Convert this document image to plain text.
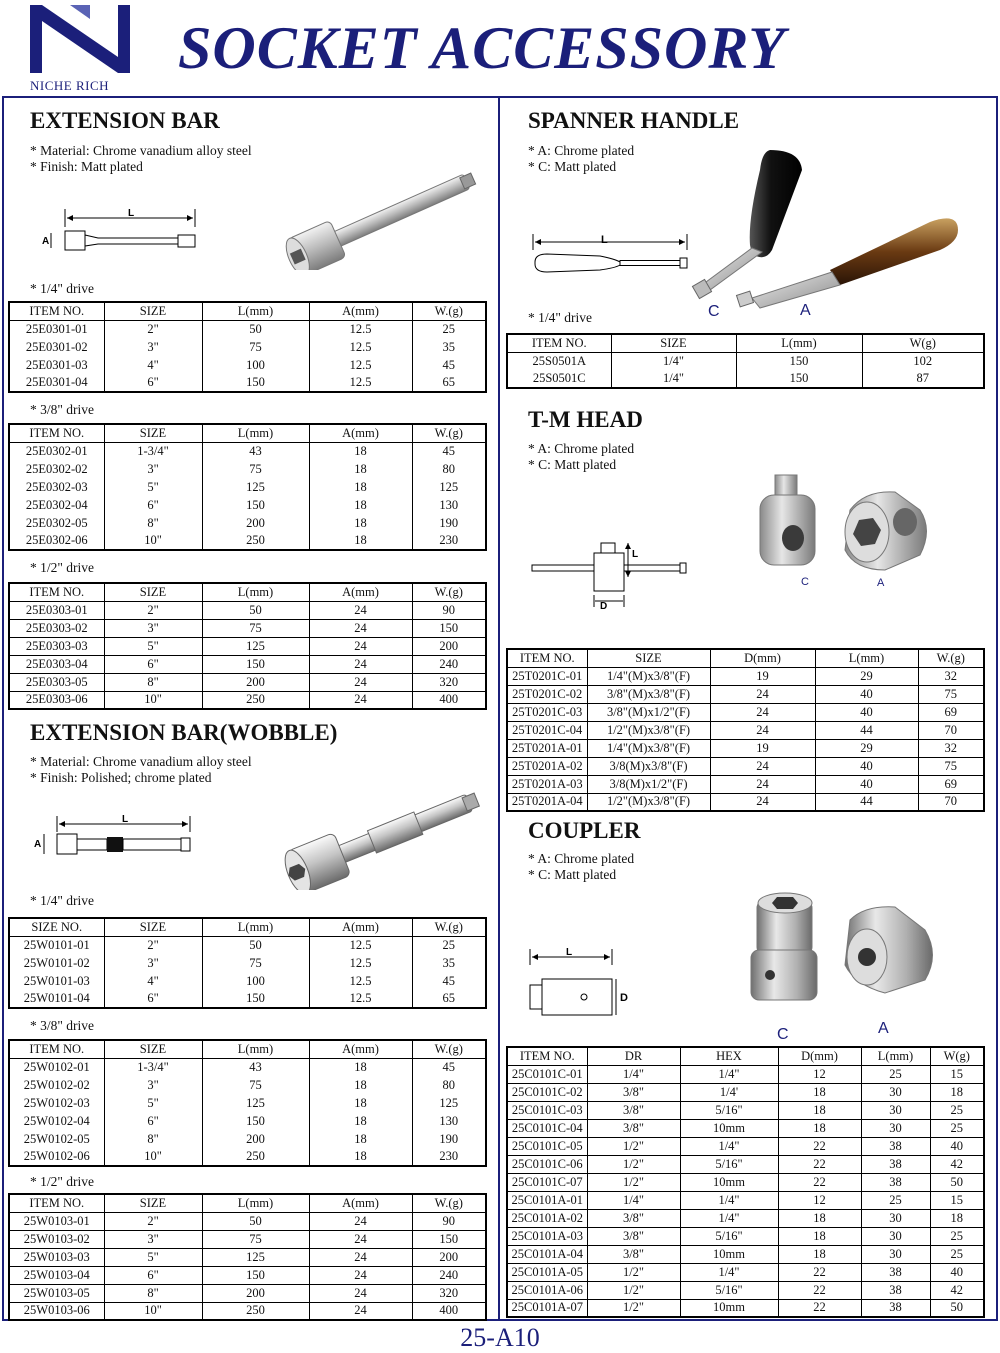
NICHE RICH
SOCKET ACCESSORY
EXTENSION BAR
* Material: Chrome vanadium alloy steel
* Finish: Matt plated
L
A
* 1/4" drive
ITEM NO.	SIZE	L(mm)	A(mm)	W.(g)
25E0301-01	2"	50	12.5	25
25E0301-02	3"	75	12.5	35
25E0301-03	4"	100	12.5	45
25E0301-04	6"	150	12.5	65
* 3/8" drive
ITEM NO.	SIZE	L(mm)	A(mm)	W.(g)
25E0302-01	1-3/4"	43	18	45
25E0302-02	3"	75	18	80
25E0302-03	5"	125	18	125
25E0302-04	6"	150	18	130
25E0302-05	8"	200	18	190
25E0302-06	10"	250	18	230
* 1/2" drive
ITEM NO.	SIZE	L(mm)	A(mm)	W.(g)
25E0303-01	2"	50	24	90
25E0303-02	3"	75	24	150
25E0303-03	5"	125	24	200
25E0303-04	6"	150	24	240
25E0303-05	8"	200	24	320
25E0303-06	10"	250	24	400
EXTENSION BAR(WOBBLE)
* Material: Chrome vanadium alloy steel
* Finish: Polished; chrome plated
L
A
* 1/4" drive
SIZE NO.	SIZE	L(mm)	A(mm)	W.(g)
25W0101-01	2"	50	12.5	25
25W0101-02	3"	75	12.5	35
25W0101-03	4"	100	12.5	45
25W0101-04	6"	150	12.5	65
* 3/8" drive
ITEM NO.	SIZE	L(mm)	A(mm)	W.(g)
25W0102-01	1-3/4"	43	18	45
25W0102-02	3"	75	18	80
25W0102-03	5"	125	18	125
25W0102-04	6"	150	18	130
25W0102-05	8"	200	18	190
25W0102-06	10"	250	18	230
* 1/2" drive
ITEM NO.	SIZE	L(mm)	A(mm)	W.(g)
25W0103-01	2"	50	24	90
25W0103-02	3"	75	24	150
25W0103-03	5"	125	24	200
25W0103-04	6"	150	24	240
25W0103-05	8"	200	24	320
25W0103-06	10"	250	24	400
SPANNER HANDLE
* A: Chrome plated
* C: Matt plated
L
C	A
* 1/4" drive
ITEM NO.	SIZE	L(mm)	W(g)
25S0501A	1/4"	150	102
25S0501C	1/4"	150	87
T-M HEAD
* A: Chrome plated
* C: Matt plated
L
D
C	A
ITEM NO.	SIZE	D(mm)	L(mm)	W.(g)
25T0201C-01	1/4"(M)x3/8"(F)	19	29	32
25T0201C-02	3/8"(M)x3/8"(F)	24	40	75
25T0201C-03	3/8"(M)x1/2"(F)	24	40	69
25T0201C-04	1/2"(M)x3/8"(F)	24	44	70
25T0201A-01	1/4"(M)x3/8"(F)	19	29	32
25T0201A-02	3/8(M)x3/8"(F)	24	40	75
25T0201A-03	3/8(M)x1/2"(F)	24	40	69
25T0201A-04	1/2"(M)x3/8"(F)	24	44	70
COUPLER
* A: Chrome plated
* C: Matt plated
L
D
C	A
ITEM NO.	DR	HEX	D(mm)	L(mm)	W(g)
25C0101C-01	1/4"	1/4"	12	25	15
25C0101C-02	3/8"	1/4'	18	30	18
25C0101C-03	3/8"	5/16"	18	30	25
25C0101C-04	3/8"	10mm	18	30	25
25C0101C-05	1/2"	1/4"	22	38	40
25C0101C-06	1/2"	5/16"	22	38	42
25C0101C-07	1/2"	10mm	22	38	50
25C0101A-01	1/4"	1/4"	12	25	15
25C0101A-02	3/8"	1/4"	18	30	18
25C0101A-03	3/8"	5/16"	18	30	25
25C0101A-04	3/8"	10mm	18	30	25
25C0101A-05	1/2"	1/4"	22	38	40
25C0101A-06	1/2"	5/16"	22	38	42
25C0101A-07	1/2"	10mm	22	38	50
25-A10
